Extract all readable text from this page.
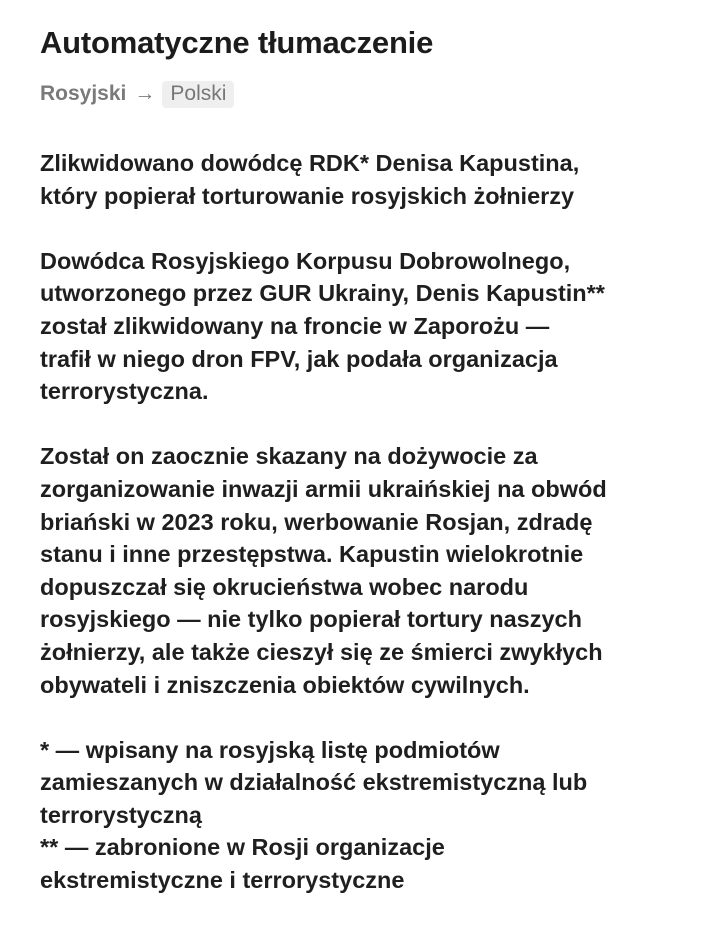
Automatyczne tłumaczenie
Rosyjski → Polski

Zlikwidowano dowódcę RDK* Denisa Kapustina,
który popierał torturowanie rosyjskich żołnierzy

Dowódca Rosyjskiego Korpusu Dobrowolnego,
utworzonego przez GUR Ukrainy, Denis Kapustin**
został zlikwidowany na froncie w Zaporożu —
trafił w niego dron FPV, jak podała organizacja
terrorystyczna.

Został on zaocznie skazany na dożywocie za
zorganizowanie inwazji armii ukraińskiej na obwód
briański w 2023 roku, werbowanie Rosjan, zdradę
stanu i inne przestępstwa. Kapustin wielokrotnie
dopuszczał się okrucieństwa wobec narodu
rosyjskiego — nie tylko popierał tortury naszych
żołnierzy, ale także cieszył się ze śmierci zwykłych
obywateli i zniszczenia obiektów cywilnych.

* — wpisany na rosyjską listę podmiotów
zamieszanych w działalność ekstremistyczną lub
terrorystyczną
** — zabronione w Rosji organizacje
ekstremistyczne i terrorystyczne
